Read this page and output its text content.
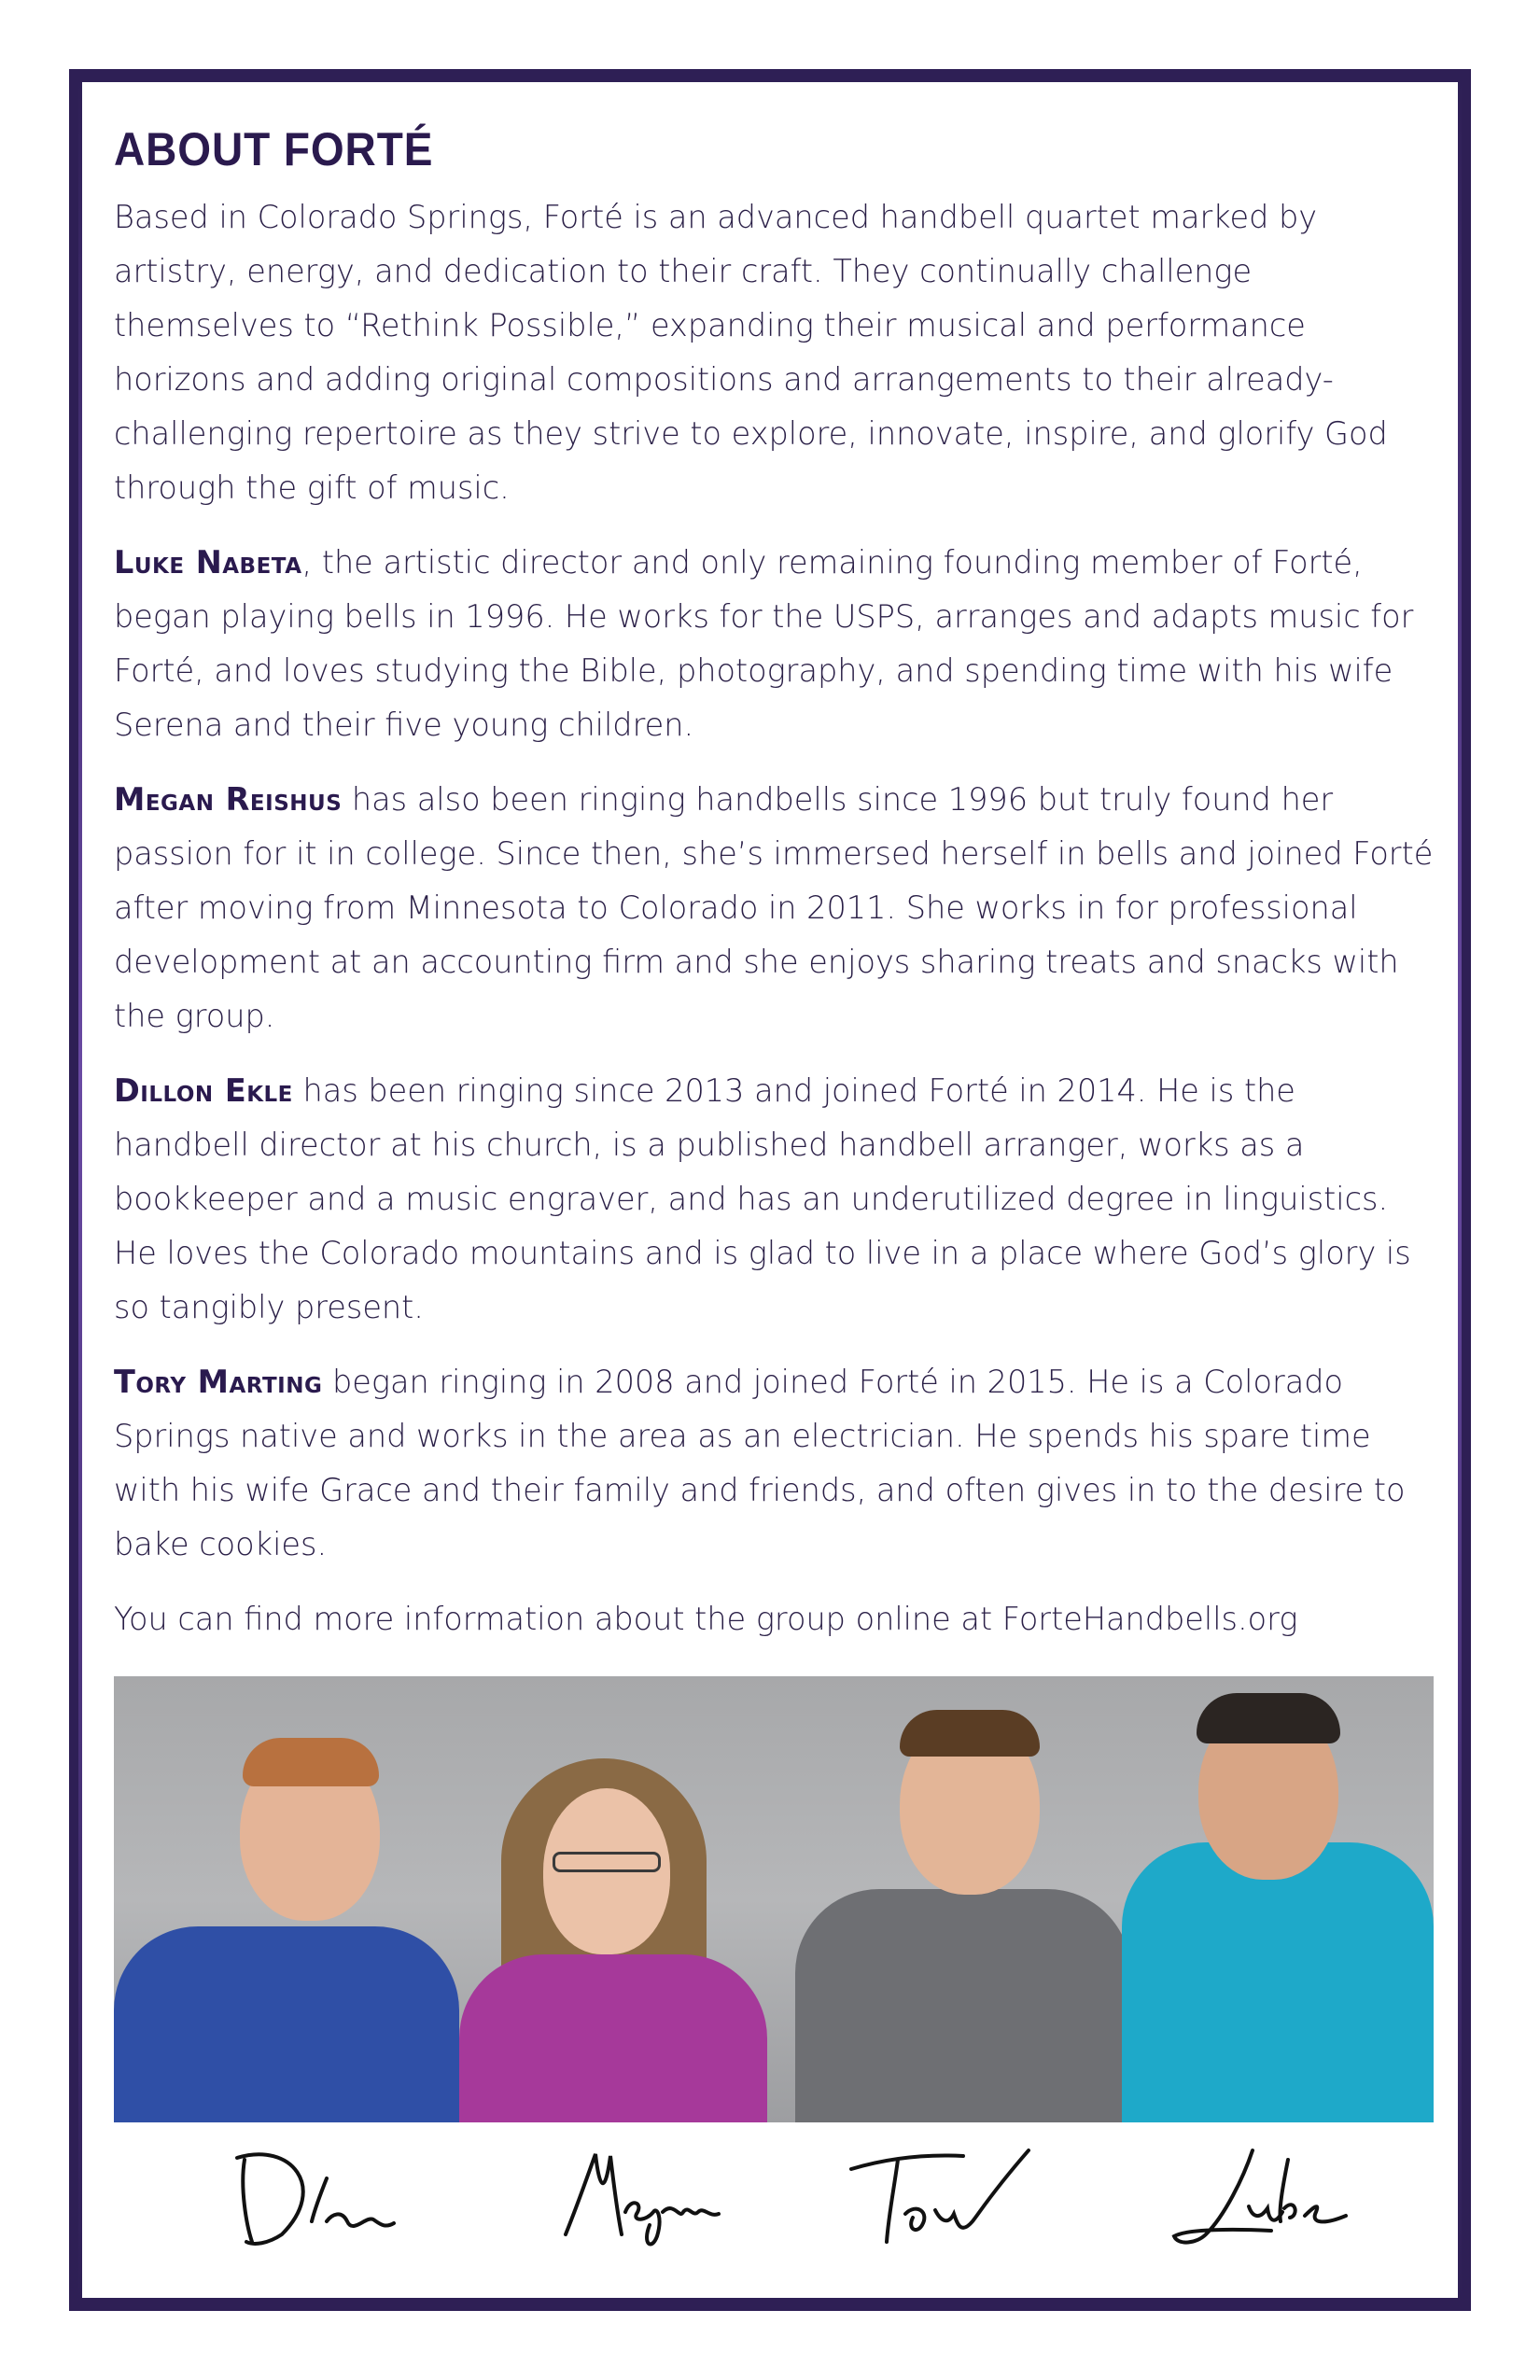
ABOUT FORTÉ

Based in Colorado Springs, Forté is an advanced handbell quartet marked by artistry, energy, and dedication to their craft. They continually challenge themselves to “Rethink Possible,” expanding their musical and performance horizons and adding original compositions and arrangements to their already-challenging repertoire as they strive to explore, innovate, inspire, and glorify God through the gift of music.

Luke Nabeta, the artistic director and only remaining founding member of Forté, began playing bells in 1996. He works for the USPS, arranges and adapts music for Forté, and loves studying the Bible, photography, and spending time with his wife Serena and their five young children.

Megan Reishus has also been ringing handbells since 1996 but truly found her passion for it in college. Since then, she’s immersed herself in bells and joined Forté after moving from Minnesota to Colorado in 2011. She works in for professional development at an accounting firm and she enjoys sharing treats and snacks with the group.

Dillon Ekle has been ringing since 2013 and joined Forté in 2014. He is the handbell director at his church, is a published handbell arranger, works as a bookkeeper and a music engraver, and has an underutilized degree in linguistics. He loves the Colorado mountains and is glad to live in a place where God’s glory is so tangibly present.

Tory Marting began ringing in 2008 and joined Forté in 2015. He is a Colorado Springs native and works in the area as an electrician. He spends his spare time with his wife Grace and their family and friends, and often gives in to the desire to bake cookies.

You can find more information about the group online at ForteHandbells.org
